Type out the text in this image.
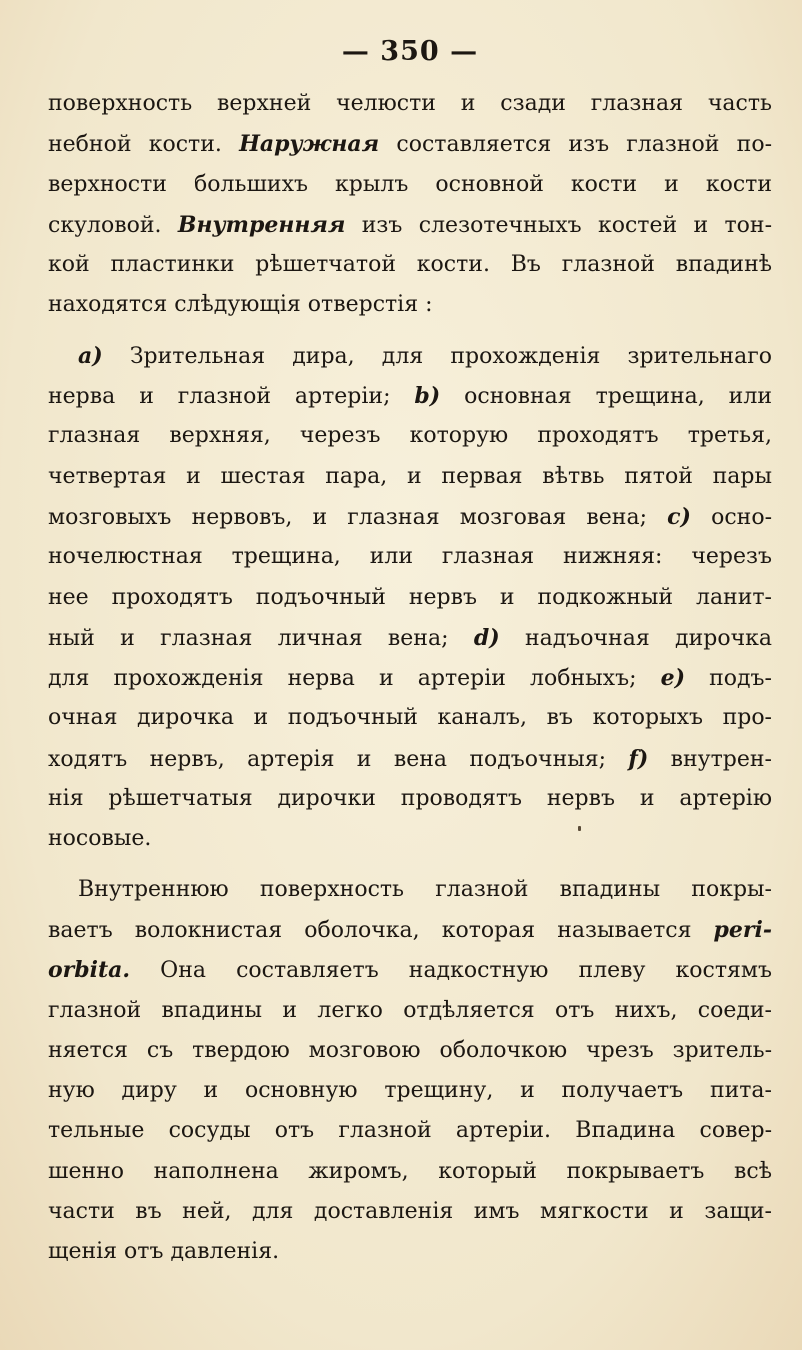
— 350 —
поверхность верхней челюсти и сзади глазная часть
небной кости. Наружная составляется изъ глазной по-
верхности большихъ крылъ основной кости и кости
скуловой. Внутренняя изъ слезотечныхъ костей и тон-
кой пластинки рѣшетчатой кости. Въ глазной впадинѣ
находятся слѣдующія отверстія :
a) Зрительная дира, для прохожденія зрительнаго
нерва и глазной артеріи; b) основная трещина, или
глазная верхняя, черезъ которую проходятъ третья,
четвертая и шестая пара, и первая вѣтвь пятой пары
мозговыхъ нервовъ, и глазная мозговая вена; c) осно-
ночелюстная трещина, или глазная нижняя: черезъ
нее проходятъ подъочный нервъ и подкожный ланит-
ный и глазная личная вена; d) надъочная дирочка
для прохожденія нерва и артеріи лобныхъ; e) подъ-
очная дирочка и подъочный каналъ, въ которыхъ про-
ходятъ нервъ, артерія и вена подъочныя; f) внутрен-
нія рѣшетчатыя дирочки проводятъ нервъ и артерію
носовые.
Внутреннюю поверхность глазной впадины покры-
ваетъ волокнистая оболочка, которая называется peri-
orbita. Она составляетъ надкостную плеву костямъ
глазной впадины и легко отдѣляется отъ нихъ, соеди-
няется съ твердою мозговою оболочкою чрезъ зритель-
ную диру и основную трещину, и получаетъ пита-
тельные сосуды отъ глазной артеріи. Впадина совер-
шенно наполнена жиромъ, который покрываетъ всѣ
части въ ней, для доставленія имъ мягкости и защи-
щенія отъ давленія.
